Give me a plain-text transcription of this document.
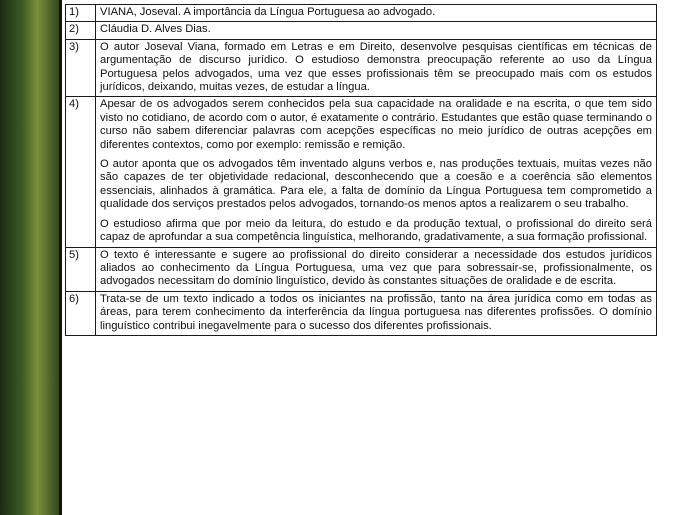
1)	VIANA, Joseval. A importância da Língua Portuguesa ao advogado.

2)	Cláudia D. Alves Dias.

3)	O autor Joseval Viana, formado em Letras e em Direito, desenvolve pesquisas científicas em técnicas de argumentação de discurso jurídico. O estudioso demonstra preocupação referente ao uso da Língua Portuguesa pelos advogados, uma vez que esses profissionais têm se preocupado mais com os estudos jurídicos, deixando, muitas vezes, de estudar a língua.

4)	Apesar de os advogados serem conhecidos pela sua capacidade na oralidade e na escrita, o que tem sido visto no cotidiano, de acordo com o autor, é exatamente o contrário. Estudantes que estão quase terminando o curso não sabem diferenciar palavras com acepções específicas no meio jurídico de outras acepções em diferentes contextos, como por exemplo: remissão e remição.

O autor aponta que os advogados têm inventado alguns verbos e, nas produções textuais, muitas vezes não são capazes de ter objetividade redacional, desconhecendo que a coesão e a coerência são elementos essenciais, alinhados à gramática. Para ele, a falta de domínio da Língua Portuguesa tem comprometido a qualidade dos serviços prestados pelos advogados, tornando-os menos aptos a realizarem o seu trabalho.

O estudioso afirma que por meio da leitura, do estudo e da produção textual, o profissional do direito será capaz de aprofundar a sua competência linguística, melhorando, gradativamente, a sua formação profissional.

5)	O texto é interessante e sugere ao profissional do direito considerar a necessidade dos estudos jurídicos aliados ao conhecimento da Língua Portuguesa, uma vez que para sobressair-se, profissionalmente, os advogados necessitam do domínio linguístico, devido às constantes situações de oralidade e de escrita.

6)	Trata-se de um texto indicado a todos os iniciantes na profissão, tanto na área jurídica como em todas as áreas, para terem conhecimento da interferência da língua portuguesa nas diferentes profissões. O domínio linguístico contribui inegavelmente para o sucesso dos diferentes profissionais.
